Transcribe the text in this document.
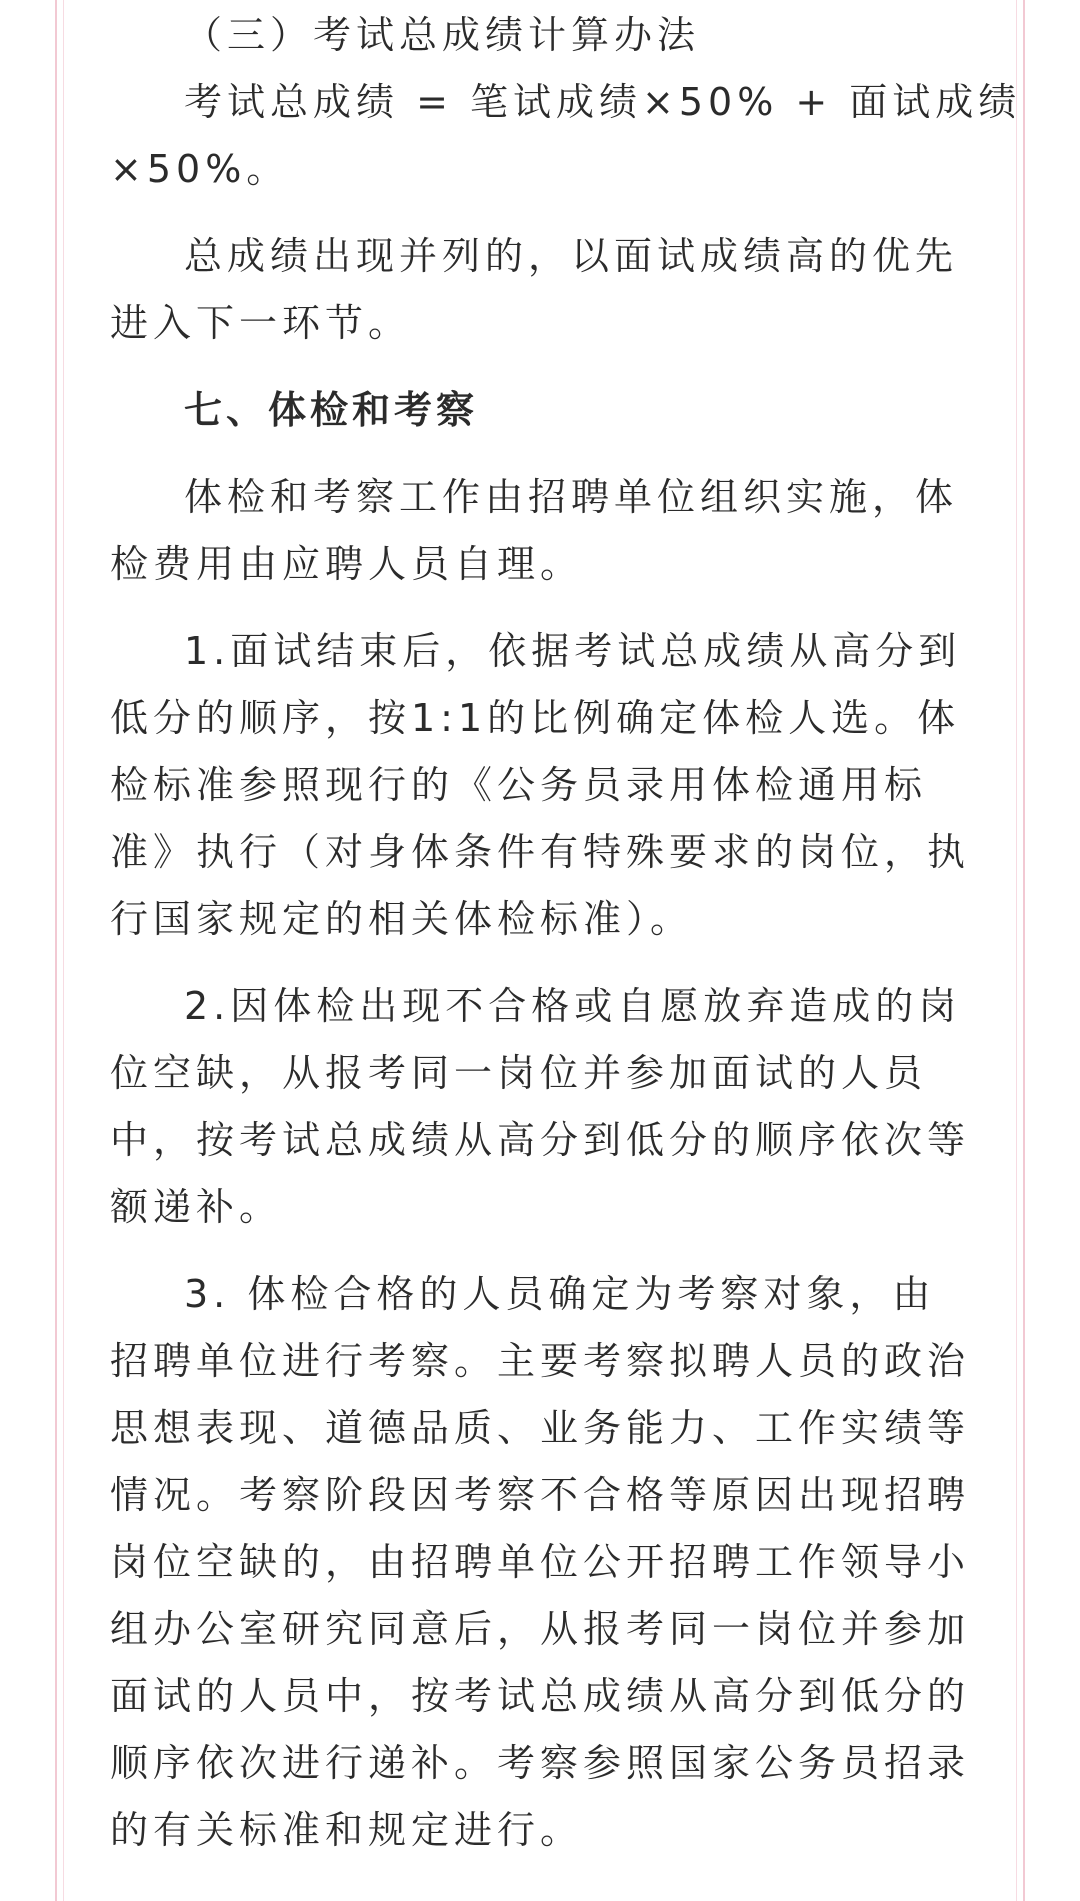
（三）考试总成绩计算办法

考试总成绩 = 笔试成绩×50% + 面试成绩

×50%。

总成绩出现并列的，以面试成绩高的优先

进入下一环节。

七、体检和考察

体检和考察工作由招聘单位组织实施，体

检费用由应聘人员自理。

1.面试结束后，依据考试总成绩从高分到

低分的顺序，按1:1的比例确定体检人选。体

检标准参照现行的《公务员录用体检通用标

准》执行（对身体条件有特殊要求的岗位，执

行国家规定的相关体检标准）。

2.因体检出现不合格或自愿放弃造成的岗

位空缺，从报考同一岗位并参加面试的人员

中，按考试总成绩从高分到低分的顺序依次等

额递补。

3. 体检合格的人员确定为考察对象，由

招聘单位进行考察。主要考察拟聘人员的政治

思想表现、道德品质、业务能力、工作实绩等

情况。考察阶段因考察不合格等原因出现招聘

岗位空缺的，由招聘单位公开招聘工作领导小

组办公室研究同意后，从报考同一岗位并参加

面试的人员中，按考试总成绩从高分到低分的

顺序依次进行递补。考察参照国家公务员招录

的有关标准和规定进行。
